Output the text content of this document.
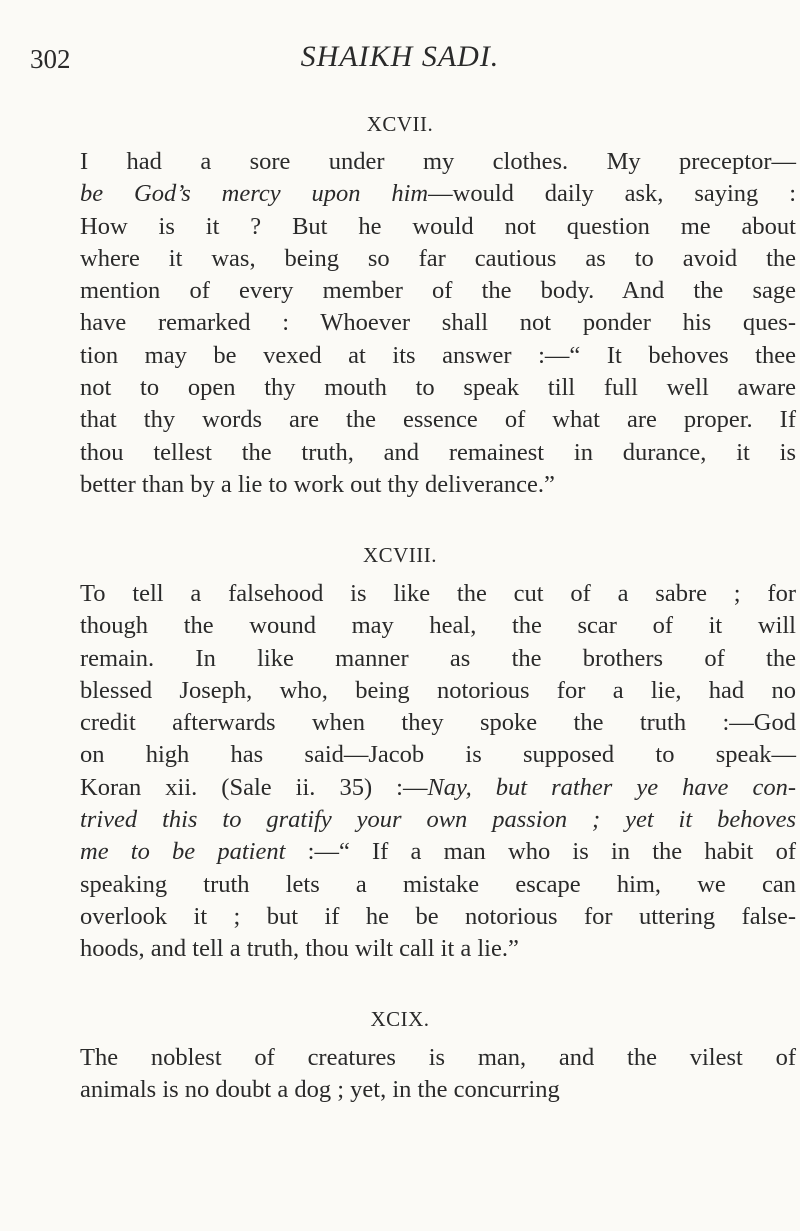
302	SHAIKH SADI.
XCVII.
I had a sore under my clothes. My preceptor—
be God’s mercy upon him—would daily ask, saying :
How is it ? But he would not question me about
where it was, being so far cautious as to avoid the
mention of every member of the body. And the sage
have remarked : Whoever shall not ponder his ques-
tion may be vexed at its answer :—“ It behoves thee
not to open thy mouth to speak till full well aware
that thy words are the essence of what are proper. If
thou tellest the truth, and remainest in durance, it is
better than by a lie to work out thy deliverance.”
XCVIII.
To tell a falsehood is like the cut of a sabre ; for
though the wound may heal, the scar of it will
remain. In like manner as the brothers of the
blessed Joseph, who, being notorious for a lie, had no
credit afterwards when they spoke the truth :—God
on high has said—Jacob is supposed to speak—
Koran xii. (Sale ii. 35) :—Nay, but rather ye have con-
trived this to gratify your own passion ; yet it behoves
me to be patient :—“ If a man who is in the habit of
speaking truth lets a mistake escape him, we can
overlook it ; but if he be notorious for uttering false-
hoods, and tell a truth, thou wilt call it a lie.”
XCIX.
The noblest of creatures is man, and the vilest of
animals is no doubt a dog ; yet, in the concurring
